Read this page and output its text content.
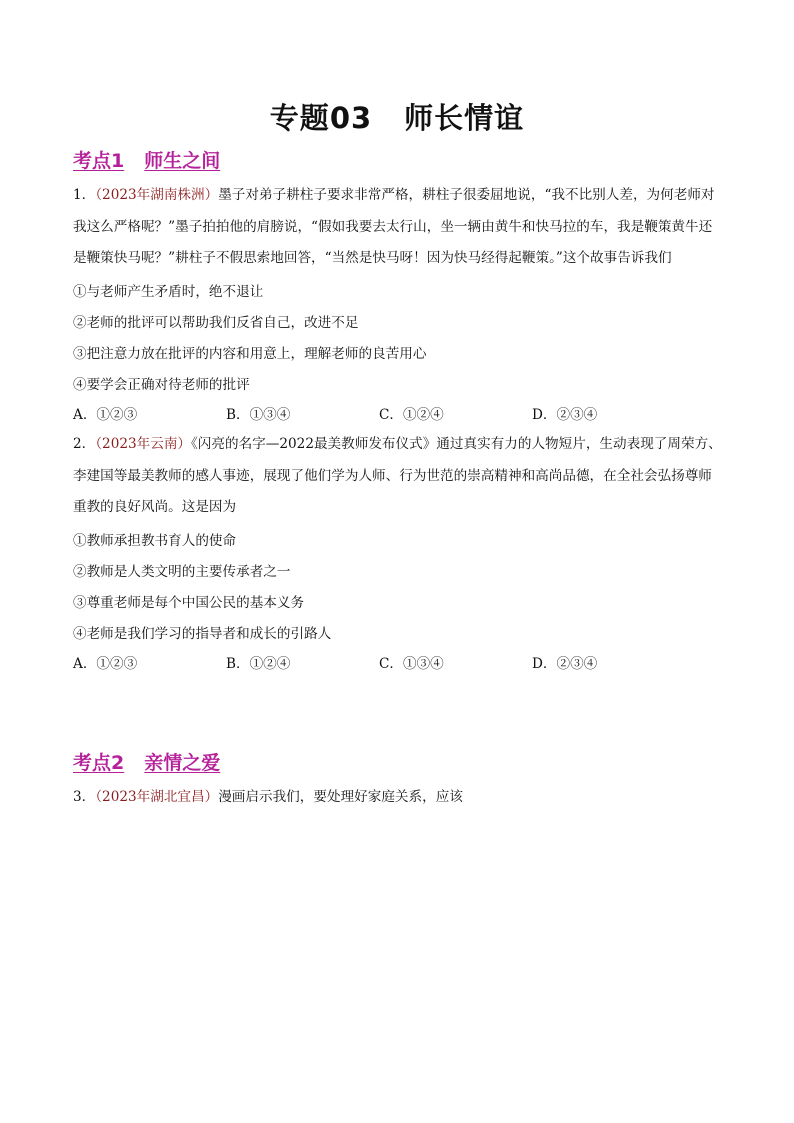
专题03 师长情谊
考点1 师生之间
1．（2023年湖南株洲）墨子对弟子耕柱子要求非常严格，耕柱子很委屈地说，“我不比别人差，为何老师对我这么严格呢？”墨子拍拍他的肩膀说，“假如我要去太行山，坐一辆由黄牛和快马拉的车，我是鞭策黄牛还是鞭策快马呢？”耕柱子不假思索地回答，“当然是快马呀！因为快马经得起鞭策。”这个故事告诉我们
①与老师产生矛盾时，绝不退让
②老师的批评可以帮助我们反省自己，改进不足
③把注意力放在批评的内容和用意上，理解老师的良苦用心
④要学会正确对待老师的批评
A．①②③	B．①③④	C．①②④	D．②③④
2．（2023年云南）《闪亮的名字—2022最美教师发布仪式》通过真实有力的人物短片，生动表现了周荣方、李建国等最美教师的感人事迹，展现了他们学为人师、行为世范的崇高精神和高尚品德，在全社会弘扬尊师重教的良好风尚。这是因为
①教师承担教书育人的使命
②教师是人类文明的主要传承者之一
③尊重老师是每个中国公民的基本义务
④老师是我们学习的指导者和成长的引路人
A．①②③	B．①②④	C．①③④	D．②③④
考点2 亲情之爱
3．（2023年湖北宜昌）漫画启示我们，要处理好家庭关系，应该
